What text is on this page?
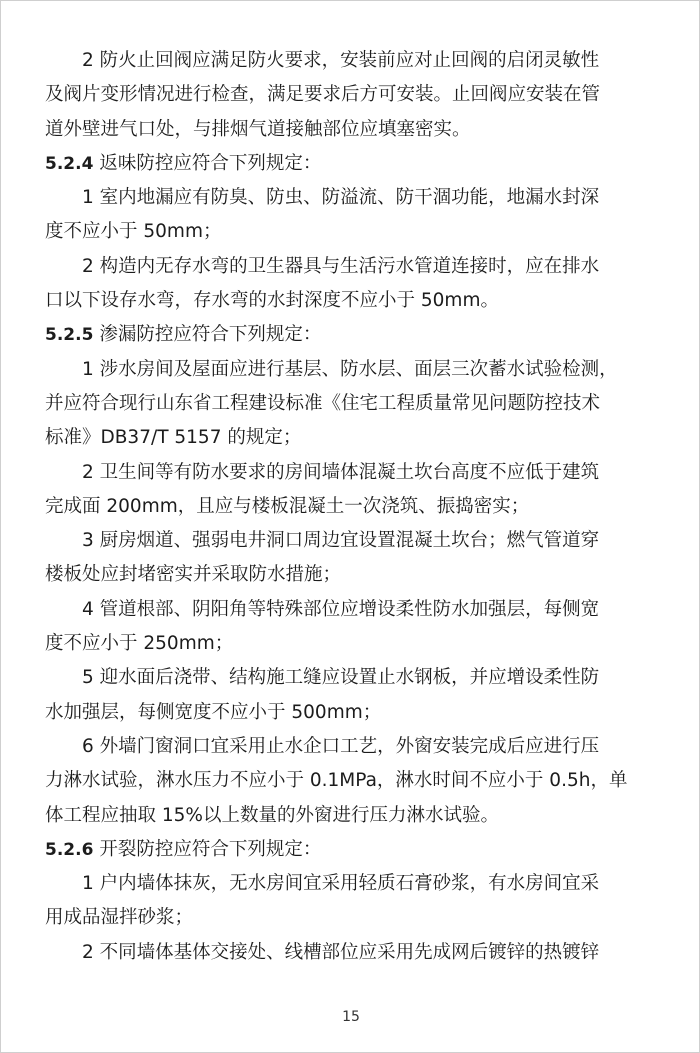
2 防火止回阀应满足防火要求，安装前应对止回阀的启闭灵敏性
及阀片变形情况进行检查，满足要求后方可安装。止回阀应安装在管
道外壁进气口处，与排烟气道接触部位应填塞密实。

5.2.4 返味防控应符合下列规定：

1 室内地漏应有防臭、防虫、防溢流、防干涸功能，地漏水封深
度不应小于 50mm；

2 构造内无存水弯的卫生器具与生活污水管道连接时，应在排水
口以下设存水弯，存水弯的水封深度不应小于 50mm。

5.2.5 渗漏防控应符合下列规定：

1 涉水房间及屋面应进行基层、防水层、面层三次蓄水试验检测，
并应符合现行山东省工程建设标准《住宅工程质量常见问题防控技术
标准》DB37/T 5157 的规定；

2 卫生间等有防水要求的房间墙体混凝土坎台高度不应低于建筑
完成面 200mm，且应与楼板混凝土一次浇筑、振捣密实；

3 厨房烟道、强弱电井洞口周边宜设置混凝土坎台；燃气管道穿
楼板处应封堵密实并采取防水措施；

4 管道根部、阴阳角等特殊部位应增设柔性防水加强层，每侧宽
度不应小于 250mm；

5 迎水面后浇带、结构施工缝应设置止水钢板，并应增设柔性防
水加强层，每侧宽度不应小于 500mm；

6 外墙门窗洞口宜采用止水企口工艺，外窗安装完成后应进行压
力淋水试验，淋水压力不应小于 0.1MPa，淋水时间不应小于 0.5h，单
体工程应抽取 15%以上数量的外窗进行压力淋水试验。

5.2.6 开裂防控应符合下列规定：

1 户内墙体抹灰，无水房间宜采用轻质石膏砂浆，有水房间宜采
用成品湿拌砂浆；

2 不同墙体基体交接处、线槽部位应采用先成网后镀锌的热镀锌

15
